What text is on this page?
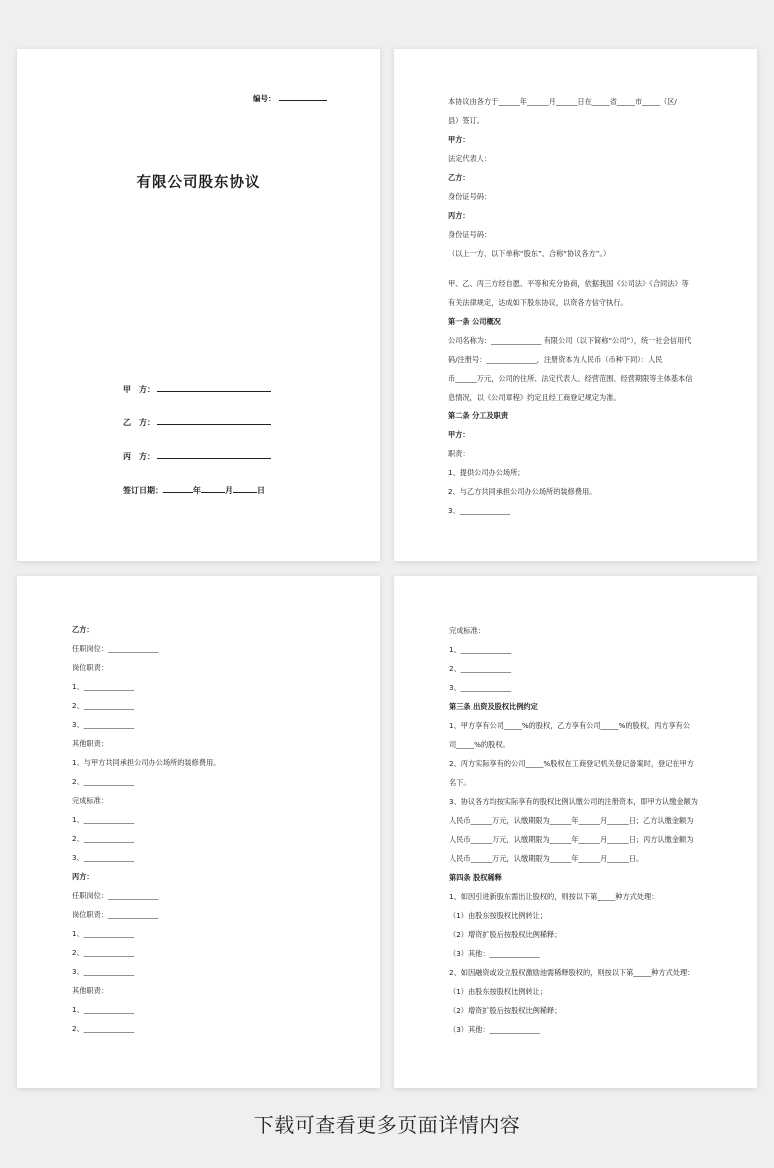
编号：
有限公司股东协议
甲　方：
乙　方：
丙　方：
签订日期：	年	月	日
本协议由各方于______年______月______日在_____省_____市_____（区/
县）签订。
甲方：
法定代表人：
乙方：
身份证号码：
丙方：
身份证号码：
（以上一方、以下单称“股东”、合称“协议各方”。）
甲、乙、丙三方经自愿、平等和充分协商，依据我国《公司法》《合同法》等
有关法律规定，达成如下股东协议，以资各方信守执行。
第一条 公司概况
公司名称为：______________ 有限公司（以下简称“公司”），统一社会信用代
码/注册号：______________，注册资本为人民币（币种下同）：人民
币______万元，公司的住所、法定代表人、经营范围、经营期限等主体基本信
息情况，以《公司章程》约定且经工商登记规定为准。
第二条 分工及职责
甲方：
职责：
1、提供公司办公场所；
2、与乙方共同承担公司办公场所的装修费用。
3、______________
乙方：
任职岗位：______________
岗位职责：
1、______________
2、______________
3、______________
其他职责：
1、与甲方共同承担公司办公场所的装修费用。
2、______________
完成标准：
1、______________
2、______________
3、______________
丙方：
任职岗位：______________
岗位职责：______________
1、______________
2、______________
3、______________
其他职责：
1、______________
2、______________
完成标准：
1、______________
2、______________
3、______________
第三条 出资及股权比例约定
1、甲方享有公司_____%的股权，乙方享有公司_____%的股权，丙方享有公
司_____%的股权。
2、丙方实际享有的公司_____%股权在工商登记机关登记备案时，登记在甲方
名下。
3、协议各方均按实际享有的股权比例认缴公司的注册资本，即甲方认缴金额为
人民币______万元，认缴期限为______年______月______日；乙方认缴金额为
人民币______万元，认缴期限为______年______月______日；丙方认缴金额为
人民币______万元，认缴期限为______年______月______日。
第四条 股权稀释
1、如因引进新股东需出让股权的，则按以下第_____种方式处理：
（1）由股东按股权比例转让；
（2）增资扩股后按股权比例稀释；
（3）其他：______________
2、如因融资或设立股权激励池需稀释股权的，则按以下第_____种方式处理：
（1）由股东按股权比例转让；
（2）增资扩股后按股权比例稀释；
（3）其他：______________
下载可查看更多页面详情内容
